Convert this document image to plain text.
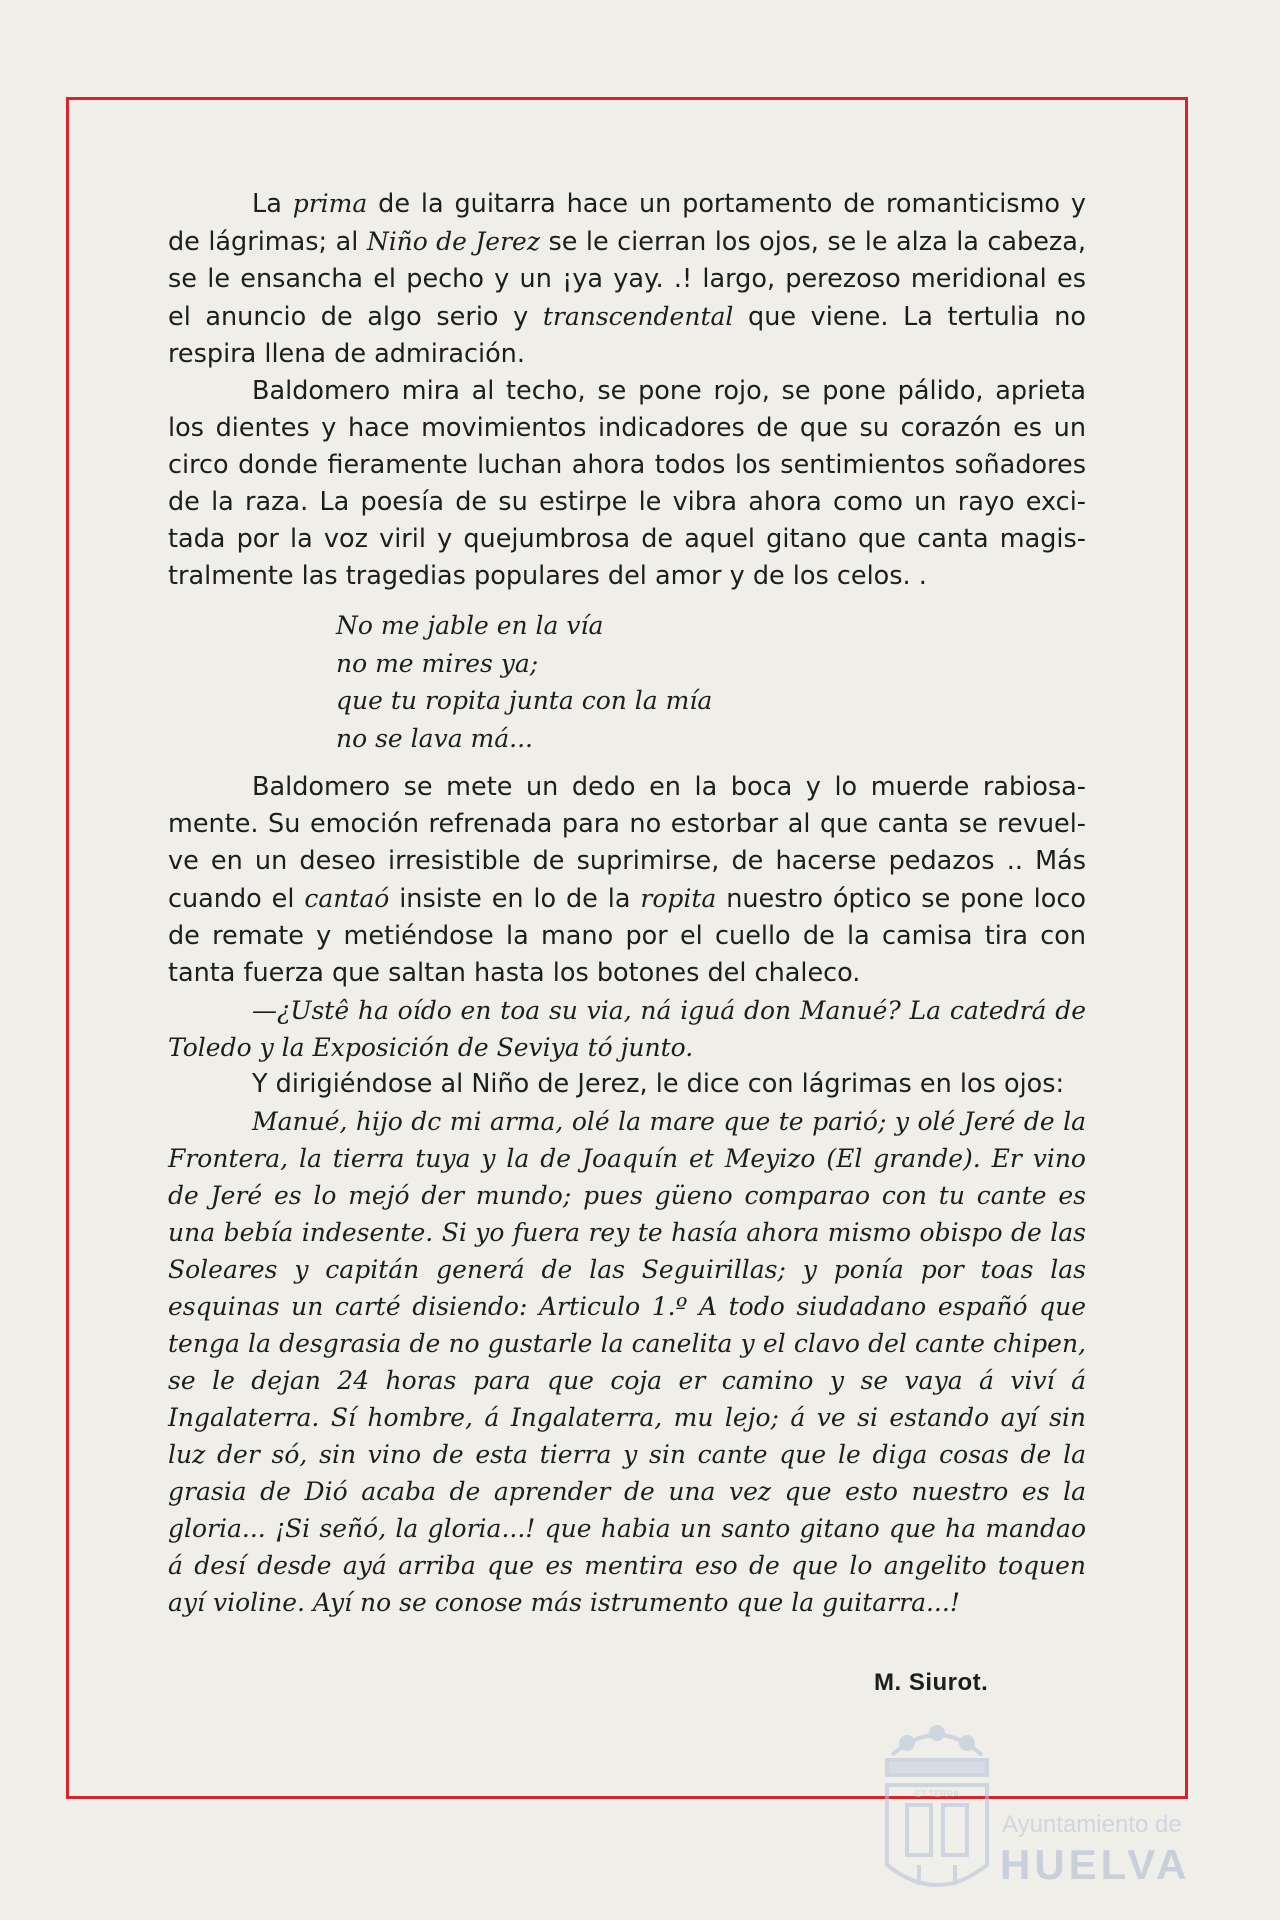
La prima de la guitarra hace un portamento de romanticismo y de lágrimas; al Niño de Jerez se le cierran los ojos, se le alza la cabeza, se le ensancha el pecho y un ¡ya yay. .! largo, perezoso meridional es el anuncio de algo serio y transcendental que viene. La tertulia no respira llena de admiración.

Baldomero mira al techo, se pone rojo, se pone pálido, aprieta los dientes y hace movimientos indicadores de que su corazón es un circo donde fieramente luchan ahora todos los sentimientos soñadores de la raza. La poesía de su estirpe le vibra ahora como un rayo excitada por la voz viril y quejumbrosa de aquel gitano que canta magistralmente las tragedias populares del amor y de los celos. .

No me jable en la vía
no me mires ya;
que tu ropita junta con la mía
no se lava má...

Baldomero se mete un dedo en la boca y lo muerde rabiosamente. Su emoción refrenada para no estorbar al que canta se revuelve en un deseo irresistible de suprimirse, de hacerse pedazos .. Más cuando el cantaó insiste en lo de la ropita nuestro óptico se pone loco de remate y metiéndose la mano por el cuello de la camisa tira con tanta fuerza que saltan hasta los botones del chaleco.

—¿Ustê ha oído en toa su via, ná iguá don Manué? La catedrá de Toledo y la Exposición de Seviya tó junto.

Y dirigiéndose al Niño de Jerez, le dice con lágrimas en los ojos:

Manué, hijo dc mi arma, olé la mare que te parió; y olé Jeré de la Frontera, la tierra tuya y la de Joaquín et Meyizo (El grande). Er vino de Jeré es lo mejó der mundo; pues güeno comparao con tu cante es una bebía indesente. Si yo fuera rey te hasía ahora mismo obispo de las Soleares y capitán generá de las Seguirillas; y ponía por toas las esquinas un carté disiendo: Articulo 1.º A todo siudadano españó que tenga la desgrasia de no gustarle la canelita y el clavo del cante chipen, se le dejan 24 horas para que coja er camino y se vaya á viví á Ingalaterra. Sí hombre, á Ingalaterra, mu lejo; á ve si estando ayí sin luz der só, sin vino de esta tierra y sin cante que le diga cosas de la grasia de Dió acaba de aprender de una vez que esto nuestro es la gloria... ¡Si señó, la gloria...! que habia un santo gitano que ha mandao á desí desde ayá arriba que es mentira eso de que lo angelito toquen ayí violine. Ayí no se conose más istrumento que la guitarra...!

M. Siurot.
ET TERRA
Ayuntamiento de
HUELVA
